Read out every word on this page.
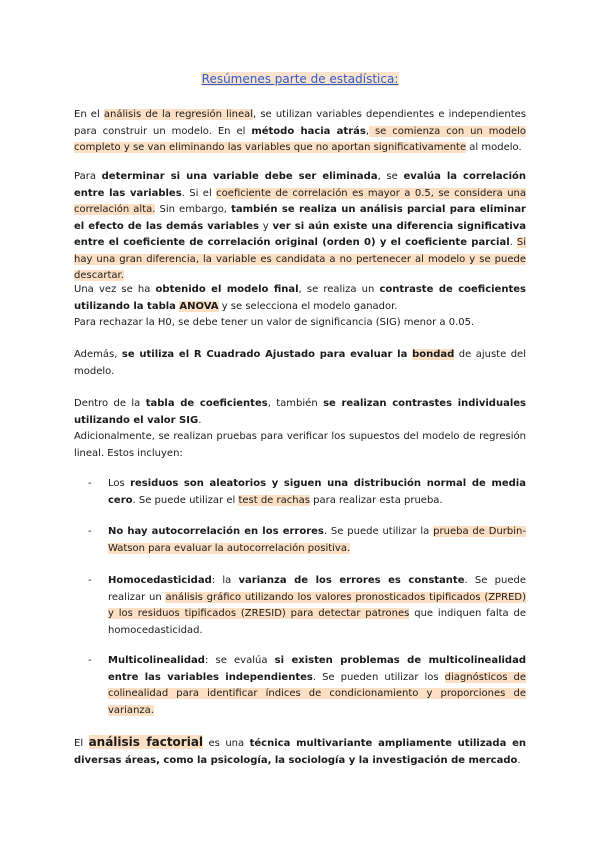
Resúmenes parte de estadística:

En el análisis de la regresión lineal, se utilizan variables dependientes e independientes para construir un modelo. En el método hacia atrás, se comienza con un modelo completo y se van eliminando las variables que no aportan significativamente al modelo.

Para determinar si una variable debe ser eliminada, se evalúa la correlación entre las variables. Si el coeficiente de correlación es mayor a 0.5, se considera una correlación alta. Sin embargo, también se realiza un análisis parcial para eliminar el efecto de las demás variables y ver si aún existe una diferencia significativa entre el coeficiente de correlación original (orden 0) y el coeficiente parcial. Si hay una gran diferencia, la variable es candidata a no pertenecer al modelo y se puede descartar.

Una vez se ha obtenido el modelo final, se realiza un contraste de coeficientes utilizando la tabla ANOVA y se selecciona el modelo ganador.

Para rechazar la H0, se debe tener un valor de significancia (SIG) menor a 0.05.

Además, se utiliza el R Cuadrado Ajustado para evaluar la bondad de ajuste del modelo.

Dentro de la tabla de coeficientes, también se realizan contrastes individuales utilizando el valor SIG.

Adicionalmente, se realizan pruebas para verificar los supuestos del modelo de regresión lineal. Estos incluyen:

- Los residuos son aleatorios y siguen una distribución normal de media cero. Se puede utilizar el test de rachas para realizar esta prueba.

- No hay autocorrelación en los errores. Se puede utilizar la prueba de Durbin-Watson para evaluar la autocorrelación positiva.

- Homocedasticidad: la varianza de los errores es constante. Se puede realizar un análisis gráfico utilizando los valores pronosticados tipificados (ZPRED) y los residuos tipificados (ZRESID) para detectar patrones que indiquen falta de homocedasticidad.

- Multicolinealidad: se evalúa si existen problemas de multicolinealidad entre las variables independientes. Se pueden utilizar los diagnósticos de colinealidad para identificar índices de condicionamiento y proporciones de varianza.

El análisis factorial es una técnica multivariante ampliamente utilizada en diversas áreas, como la psicología, la sociología y la investigación de mercado.
